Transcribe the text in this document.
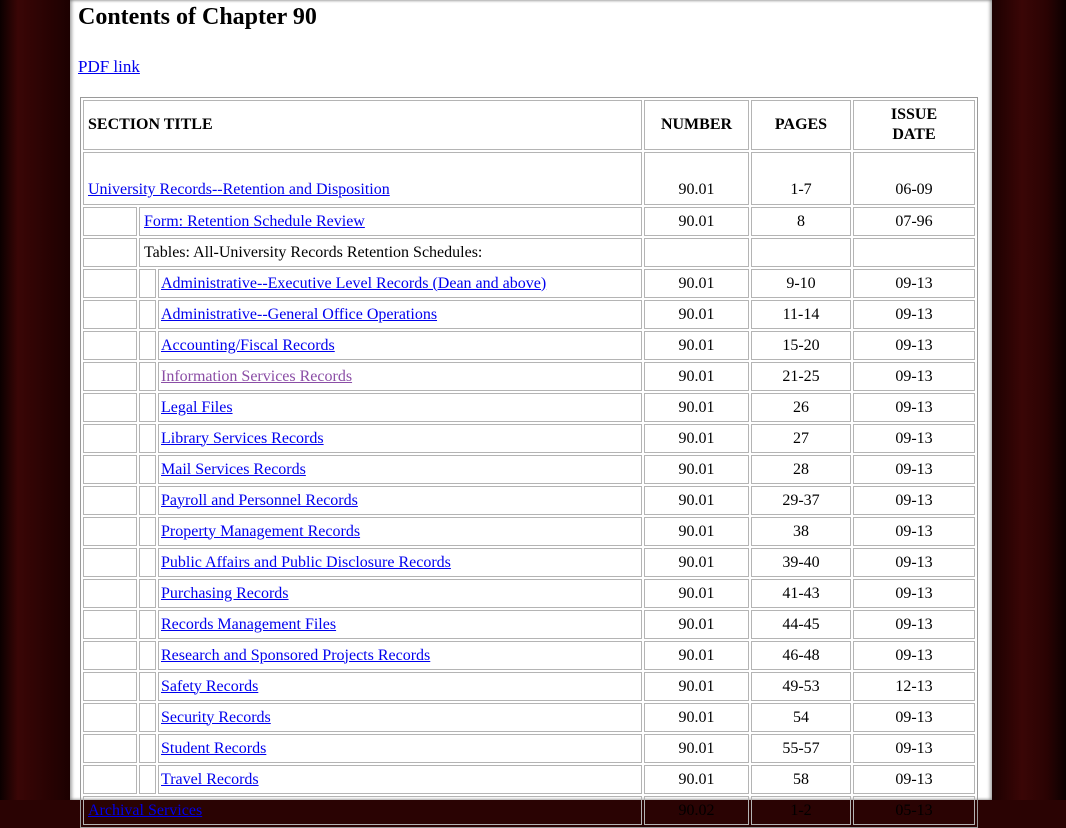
Contents of Chapter 90
PDF link
SECTION TITLE			NUMBER	PAGES	ISSUE
DATE
University Records--Retention and Disposition			90.01	1-7	06-09
	Form: Retention Schedule Review		90.01	8	07-96
	Tables: All-University Records Retention Schedules:				
		Administrative--Executive Level Records (Dean and above)	90.01	9-10	09-13
		Administrative--General Office Operations	90.01	11-14	09-13
		Accounting/Fiscal Records	90.01	15-20	09-13
		Information Services Records	90.01	21-25	09-13
		Legal Files	90.01	26	09-13
		Library Services Records	90.01	27	09-13
		Mail Services Records	90.01	28	09-13
		Payroll and Personnel Records	90.01	29-37	09-13
		Property Management Records	90.01	38	09-13
		Public Affairs and Public Disclosure Records	90.01	39-40	09-13
		Purchasing Records	90.01	41-43	09-13
		Records Management Files	90.01	44-45	09-13
		Research and Sponsored Projects Records	90.01	46-48	09-13
		Safety Records	90.01	49-53	12-13
		Security Records	90.01	54	09-13
		Student Records	90.01	55-57	09-13
		Travel Records	90.01	58	09-13
Archival Services			90.02	1-2	05-13
